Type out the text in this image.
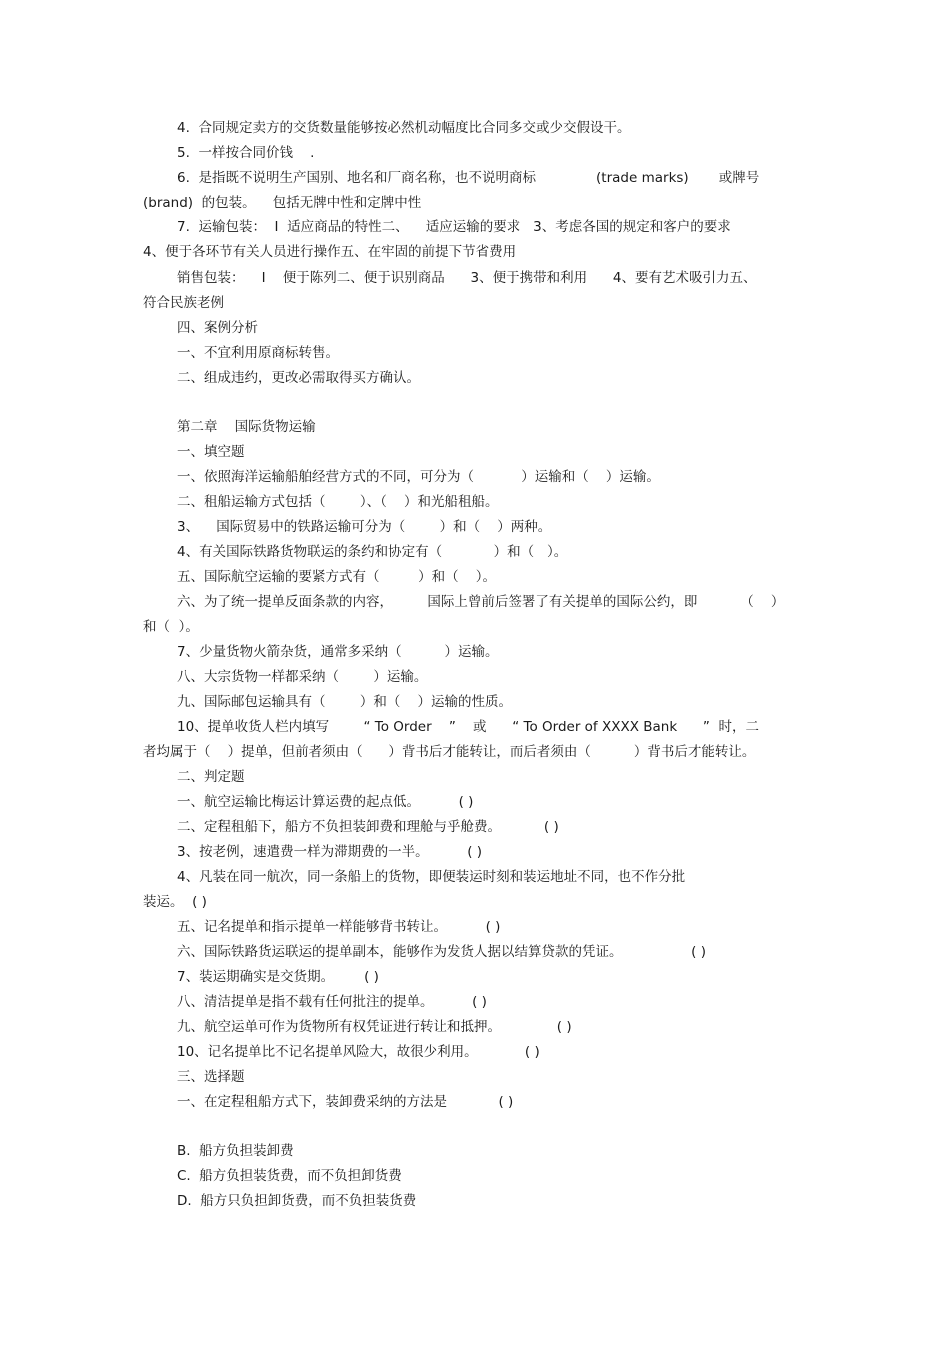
4.  合同规定卖方的交货数量能够按必然机动幅度比合同多交或少交假设干。
5.  一样按合同价钱    .
6.  是指既不说明生产国别、地名和厂商名称，也不说明商标              (trade marks)       或牌号
(brand)  的包装。    包括无牌中性和定牌中性
7.  运输包装：  I  适应商品的特性二、    适应运输的要求   3、考虑各国的规定和客户的要求
4、便于各环节有关人员进行操作五、在牢固的前提下节省费用
销售包装：    I    便于陈列二、便于识别商品      3、便于携带和利用      4、要有艺术吸引力五、
符合民族老例
四、案例分析
一、不宜利用原商标转售。
二、组成违约，更改必需取得买方确认。
第二章    国际货物运输
一、填空题
一、依照海洋运输船舶经营方式的不同，可分为（           ）运输和（    ）运输。
二、租船运输方式包括（        ）、（    ）和光船租船。
3、    国际贸易中的铁路运输可分为（        ）和（    ）两种。
4、有关国际铁路货物联运的条约和协定有（            ）和（   ）。
五、国际航空运输的要紧方式有（         ）和（    ）。
六、为了统一提单反面条款的内容，        国际上曾前后签署了有关提单的国际公约，即          （    ）
和（  ）。
7、少量货物火箭杂货，通常多采纳（          ）运输。
八、大宗货物一样都采纳（        ）运输。
九、国际邮包运输具有（        ）和（    ）运输的性质。
10、提单收货人栏内填写        “ To Order    ”    或      “ To Order of XXXX Bank      ”  时，二
者均属于（    ）提单，但前者须由（      ）背书后才能转让，而后者须由（          ）背书后才能转让。
二、判定题
一、航空运输比梅运计算运费的起点低。         ( )
二、定程租船下，船方不负担装卸费和理舱与乎舱费。          ( )
3、按老例，速遣费一样为滞期费的一半。         ( )
4、凡装在同一航次，同一条船上的货物，即便装运时刻和装运地址不同，也不作分批
装运。  ( )
五、记名提单和指示提单一样能够背书转让。         ( )
六、国际铁路货运联运的提单副本，能够作为发货人据以结算贷款的凭证。                ( )
7、装运期确实是交货期。       ( )
八、清洁提单是指不载有任何批注的提单。         ( )
九、航空运单可作为货物所有权凭证进行转让和抵押。             ( )
10、记名提单比不记名提单风险大，故很少利用。           ( )
三、选择题
一、在定程租船方式下，装卸费采纳的方法是            ( )
B.  船方负担装卸费
C.  船方负担装货费，而不负担卸货费
D.  船方只负担卸货费，而不负担装货费
